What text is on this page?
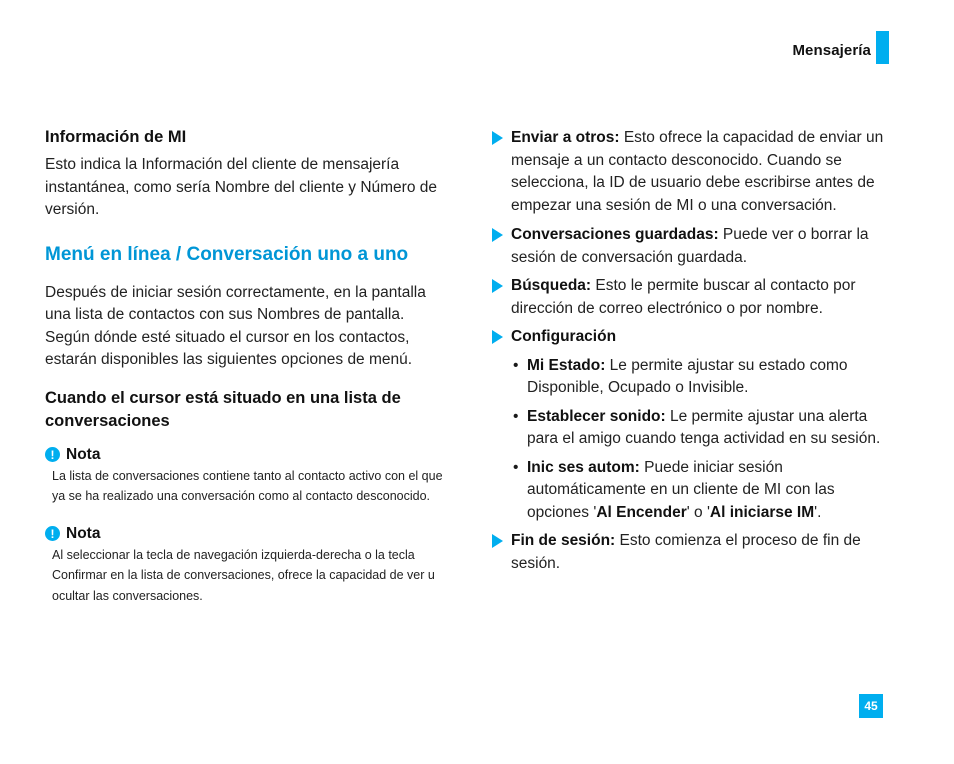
Mensajería

Información de MI

Esto indica la Información del cliente de mensajería instantánea, como sería Nombre del cliente y Número de versión.

Menú en línea / Conversación uno a uno

Después de iniciar sesión correctamente, en la pantalla una lista de contactos con sus Nombres de pantalla. Según dónde esté situado el cursor en los contactos, estarán disponibles las siguientes opciones de menú.

Cuando el cursor está situado en una lista de conversaciones

! Nota

La lista de conversaciones contiene tanto al contacto activo con el que ya se ha realizado una conversación como al contacto desconocido.

! Nota

Al seleccionar la tecla de navegación izquierda-derecha o la tecla Confirmar en la lista de conversaciones, ofrece la capacidad de ver u ocultar las conversaciones.

Enviar a otros: Esto ofrece la capacidad de enviar un mensaje a un contacto desconocido. Cuando se selecciona, la ID de usuario debe escribirse antes de empezar una sesión de MI o una conversación.
Conversaciones guardadas: Puede ver o borrar la sesión de conversación guardada.
Búsqueda: Esto le permite buscar al contacto por dirección de correo electrónico o por nombre.
Configuración
• Mi Estado: Le permite ajustar su estado como Disponible, Ocupado o Invisible.
• Establecer sonido: Le permite ajustar una alerta para el amigo cuando tenga actividad en su sesión.
• Inic ses autom: Puede iniciar sesión automáticamente en un cliente de MI con las opciones 'Al Encender' o 'Al iniciarse IM'.
Fin de sesión: Esto comienza el proceso de fin de sesión.
45
